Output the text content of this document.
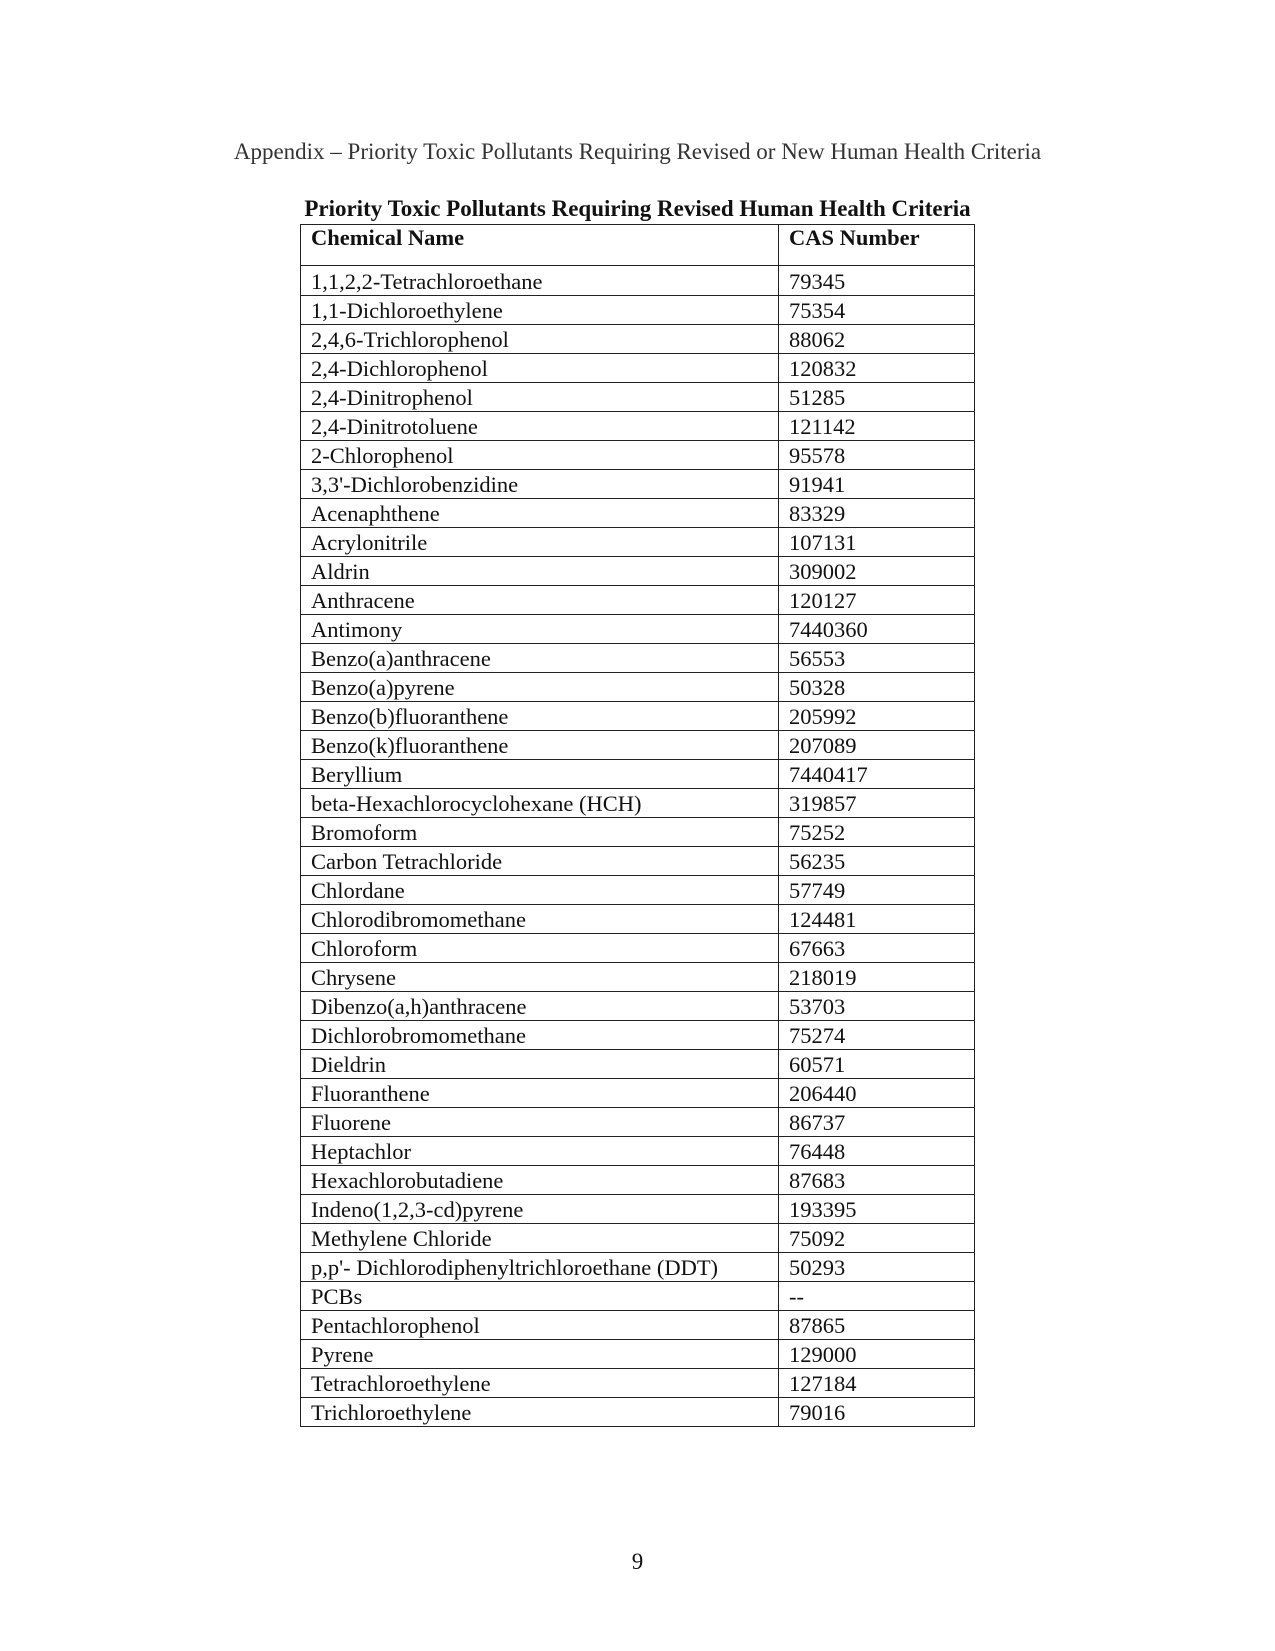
Appendix – Priority Toxic Pollutants Requiring Revised or New Human Health Criteria
Priority Toxic Pollutants Requiring Revised Human Health Criteria
Chemical Name	CAS Number
1,1,2,2-Tetrachloroethane	79345
1,1-Dichloroethylene	75354
2,4,6-Trichlorophenol	88062
2,4-Dichlorophenol	120832
2,4-Dinitrophenol	51285
2,4-Dinitrotoluene	121142
2-Chlorophenol	95578
3,3'-Dichlorobenzidine	91941
Acenaphthene	83329
Acrylonitrile	107131
Aldrin	309002
Anthracene	120127
Antimony	7440360
Benzo(a)anthracene	56553
Benzo(a)pyrene	50328
Benzo(b)fluoranthene	205992
Benzo(k)fluoranthene	207089
Beryllium	7440417
beta-Hexachlorocyclohexane (HCH)	319857
Bromoform	75252
Carbon Tetrachloride	56235
Chlordane	57749
Chlorodibromomethane	124481
Chloroform	67663
Chrysene	218019
Dibenzo(a,h)anthracene	53703
Dichlorobromomethane	75274
Dieldrin	60571
Fluoranthene	206440
Fluorene	86737
Heptachlor	76448
Hexachlorobutadiene	87683
Indeno(1,2,3-cd)pyrene	193395
Methylene Chloride	75092
p,p'- Dichlorodiphenyltrichloroethane (DDT)	50293
PCBs	--
Pentachlorophenol	87865
Pyrene	129000
Tetrachloroethylene	127184
Trichloroethylene	79016
9
